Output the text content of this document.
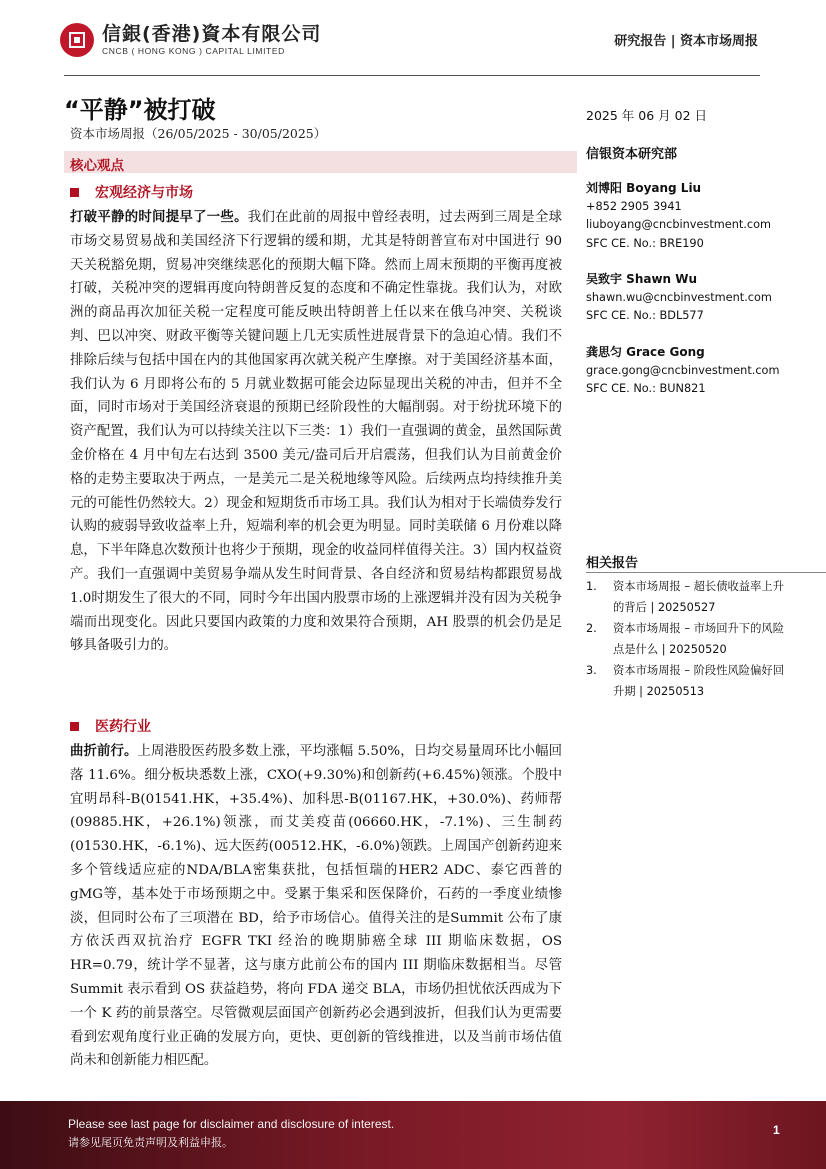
信銀(香港)資本有限公司
CNCB ( HONG KONG ) CAPITAL LIMITED
研究报告 | 资本市场周报
“平静”被打破
资本市场周报（26/05/2025 - 30/05/2025）
核心观点
宏观经济与市场
打破平静的时间提早了一些。我们在此前的周报中曾经表明，过去两到三周是全球市场交易贸易战和美国经济下行逻辑的缓和期，尤其是特朗普宣布对中国进行 90 天关税豁免期，贸易冲突继续恶化的预期大幅下降。然而上周末预期的平衡再度被打破，关税冲突的逻辑再度向特朗普反复的态度和不确定性靠拢。我们认为，对欧洲的商品再次加征关税一定程度可能反映出特朗普上任以来在俄乌冲突、关税谈判、巴以冲突、财政平衡等关键问题上几无实质性进展背景下的急迫心情。我们不排除后续与包括中国在内的其他国家再次就关税产生摩擦。对于美国经济基本面，我们认为 6 月即将公布的 5 月就业数据可能会边际显现出关税的冲击，但并不全面，同时市场对于美国经济衰退的预期已经阶段性的大幅削弱。对于纷扰环境下的资产配置，我们认为可以持续关注以下三类：1）我们一直强调的黄金，虽然国际黄金价格在 4 月中旬左右达到 3500 美元/盎司后开启震荡，但我们认为目前黄金价格的走势主要取决于两点，一是美元二是关税地缘等风险。后续两点均持续推升美元的可能性仍然较大。2）现金和短期货币市场工具。我们认为相对于长端债券发行认购的疲弱导致收益率上升，短端利率的机会更为明显。同时美联储 6 月份难以降息，下半年降息次数预计也将少于预期，现金的收益同样值得关注。3）国内权益资产。我们一直强调中美贸易争端从发生时间背景、各自经济和贸易结构都跟贸易战1.0时期发生了很大的不同，同时今年出国内股票市场的上涨逻辑并没有因为关税争端而出现变化。因此只要国内政策的力度和效果符合预期，AH 股票的机会仍是足够具备吸引力的。
医药行业
曲折前行。上周港股医药股多数上涨，平均涨幅 5.50%，日均交易量周环比小幅回落 11.6%。细分板块悉数上涨，CXO(+9.30%)和创新药(+6.45%)领涨。个股中宜明昂科-B(01541.HK，+35.4%)、加科思-B(01167.HK，+30.0%)、药师帮(09885.HK，+26.1%)领涨，而艾美疫苗(06660.HK，-7.1%)、三生制药(01530.HK，-6.1%)、远大医药(00512.HK，-6.0%)领跌。上周国产创新药迎来多个管线适应症的NDA/BLA密集获批，包括恒瑞的HER2 ADC、泰它西普的gMG等，基本处于市场预期之中。受累于集采和医保降价，石药的一季度业绩惨淡，但同时公布了三项潜在 BD，给予市场信心。值得关注的是Summit 公布了康方依沃西双抗治疗 EGFR TKI 经治的晚期肺癌全球 III 期临床数据，OS HR=0.79，统计学不显著，这与康方此前公布的国内 III 期临床数据相当。尽管 Summit 表示看到 OS 获益趋势，将向 FDA 递交 BLA，市场仍担忧依沃西成为下一个 K 药的前景落空。尽管微观层面国产创新药必会遇到波折，但我们认为更需要看到宏观角度行业正确的发展方向，更快、更创新的管线推进，以及当前市场估值尚未和创新能力相匹配。
2025 年 06 月 02 日
信银资本研究部
刘博阳 Boyang Liu
+852 2905 3941
liuboyang@cncbinvestment.com
SFC CE. No.: BRE190
吴致宇 Shawn Wu
shawn.wu@cncbinvestment.com
SFC CE. No.: BDL577
龚思匀 Grace Gong
grace.gong@cncbinvestment.com
SFC CE. No.: BUN821
相关报告
1.	资本市场周报 – 超长债收益率上升的背后 | 20250527
2.	资本市场周报 – 市场回升下的风险点是什么 | 20250520
3.	资本市场周报 – 阶段性风险偏好回升期 | 20250513
Please see last page for disclaimer and disclosure of interest.
请参见尾页免责声明及利益申报。
1
